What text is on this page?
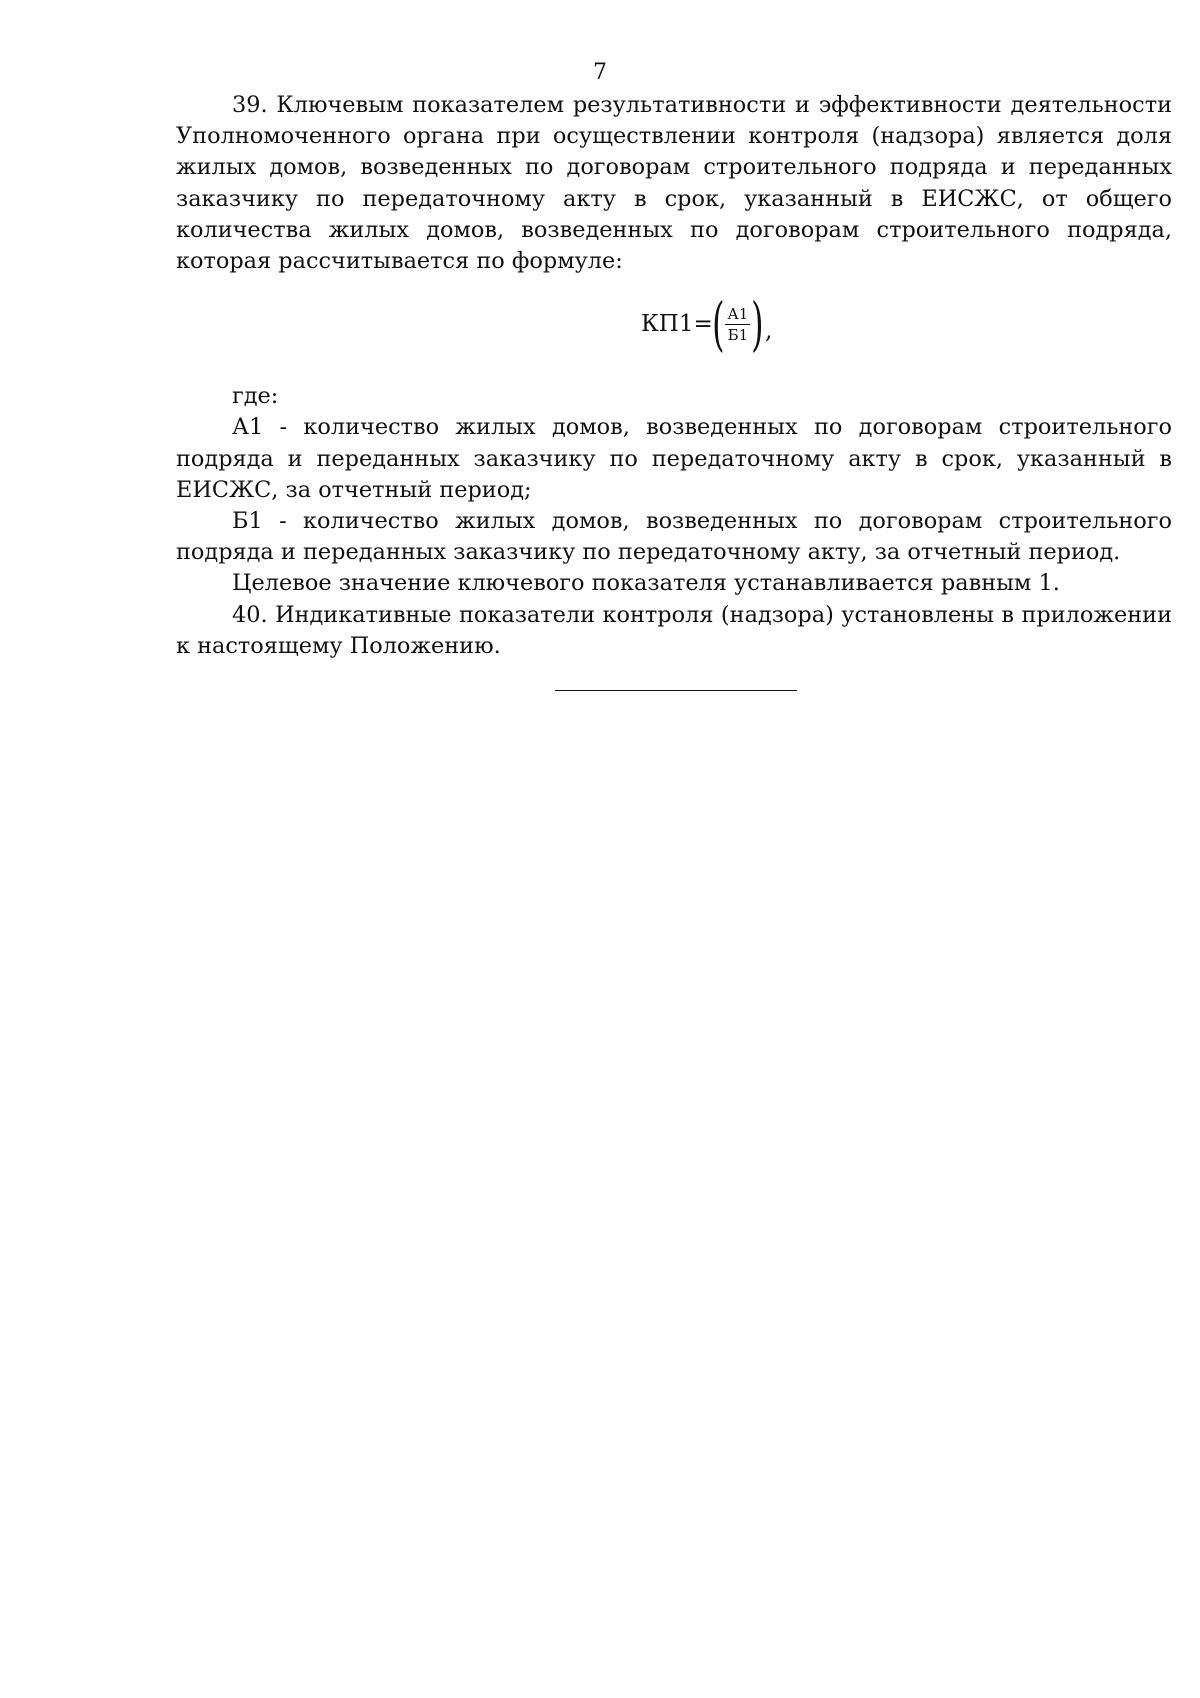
7

39. Ключевым показателем результативности и эффективности деятельности Уполномоченного органа при осуществлении контроля (надзора) является доля жилых домов, возведенных по договорам строительного подряда и переданных заказчику по передаточному акту в срок, указанный в ЕИСЖС, от общего количества жилых домов, возведенных по договорам строительного подряда, которая рассчитывается по формуле:

КП1= ( $\frac{А1}{Б1}$ ) ,

где:

А1 - количество жилых домов, возведенных по договорам строительного подряда и переданных заказчику по передаточному акту в срок, указанный в ЕИСЖС, за отчетный период;

Б1 - количество жилых домов, возведенных по договорам строительного подряда и переданных заказчику по передаточному акту, за отчетный период.

Целевое значение ключевого показателя устанавливается равным 1.

40. Индикативные показатели контроля (надзора) установлены в приложении к настоящему Положению.
